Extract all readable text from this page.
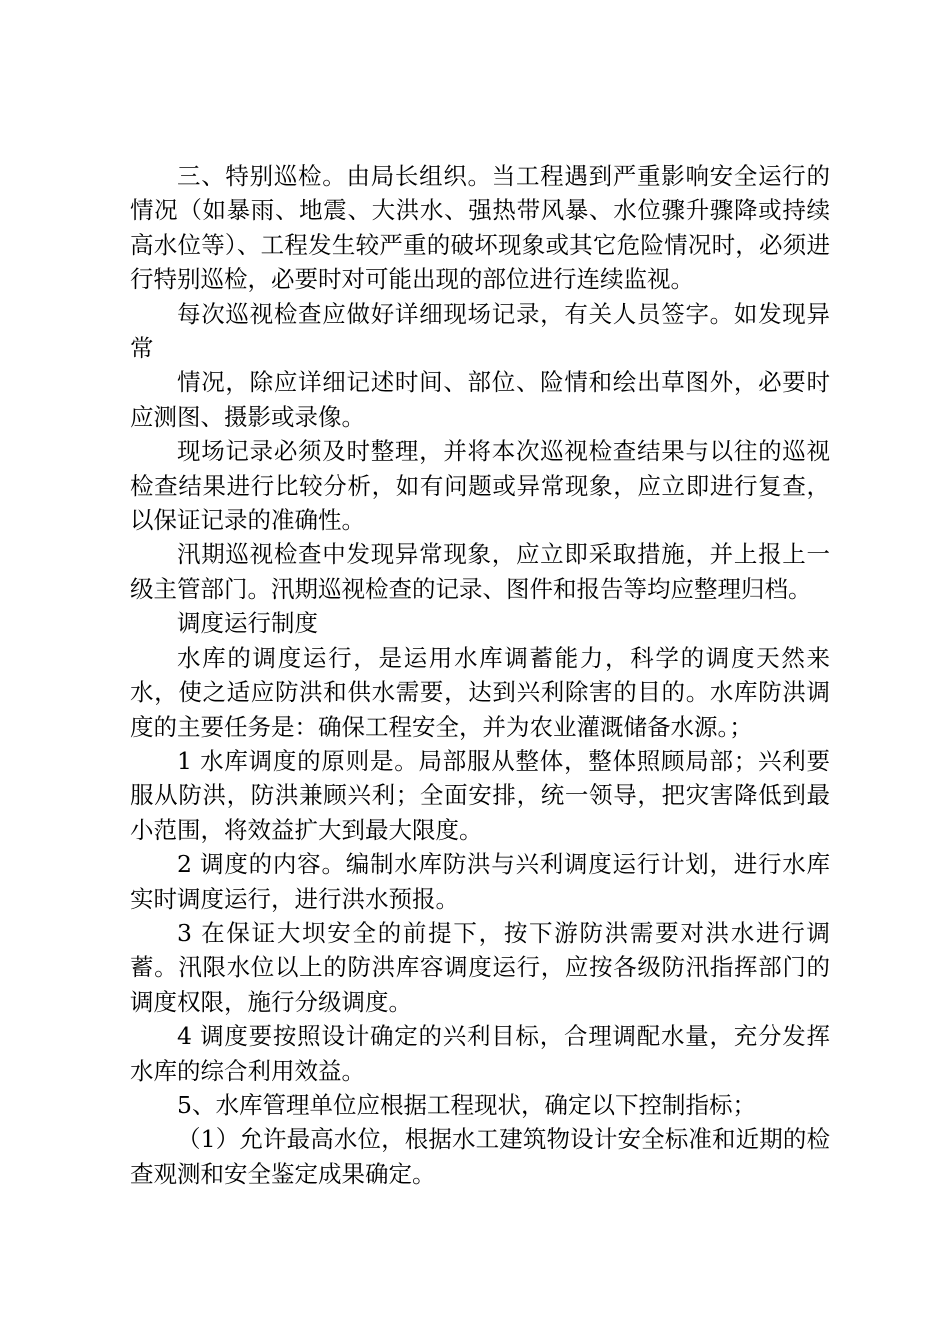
三、特别巡检。由局长组织。当工程遇到严重影响安全运行的情况（如暴雨、地震、大洪水、强热带风暴、水位骤升骤降或持续高水位等）、工程发生较严重的破坏现象或其它危险情况时，必须进行特别巡检，必要时对可能出现的部位进行连续监视。

每次巡视检查应做好详细现场记录，有关人员签字。如发现异常

情况，除应详细记述时间、部位、险情和绘出草图外，必要时应测图、摄影或录像。

现场记录必须及时整理，并将本次巡视检查结果与以往的巡视检查结果进行比较分析，如有问题或异常现象，应立即进行复查，以保证记录的准确性。

汛期巡视检查中发现异常现象，应立即采取措施，并上报上一级主管部门。汛期巡视检查的记录、图件和报告等均应整理归档。

调度运行制度

水库的调度运行，是运用水库调蓄能力，科学的调度天然来水，使之适应防洪和供水需要，达到兴利除害的目的。水库防洪调度的主要任务是：确保工程安全，并为农业灌溉储备水源。；

1 水库调度的原则是。局部服从整体，整体照顾局部；兴利要服从防洪，防洪兼顾兴利；全面安排，统一领导，把灾害降低到最小范围，将效益扩大到最大限度。

2 调度的内容。编制水库防洪与兴利调度运行计划，进行水库实时调度运行，进行洪水预报。

3 在保证大坝安全的前提下，按下游防洪需要对洪水进行调蓄。汛限水位以上的防洪库容调度运行，应按各级防汛指挥部门的调度权限，施行分级调度。

4 调度要按照设计确定的兴利目标，合理调配水量，充分发挥水库的综合利用效益。

5、水库管理单位应根据工程现状，确定以下控制指标；

（1）允许最高水位，根据水工建筑物设计安全标准和近期的检查观测和安全鉴定成果确定。
